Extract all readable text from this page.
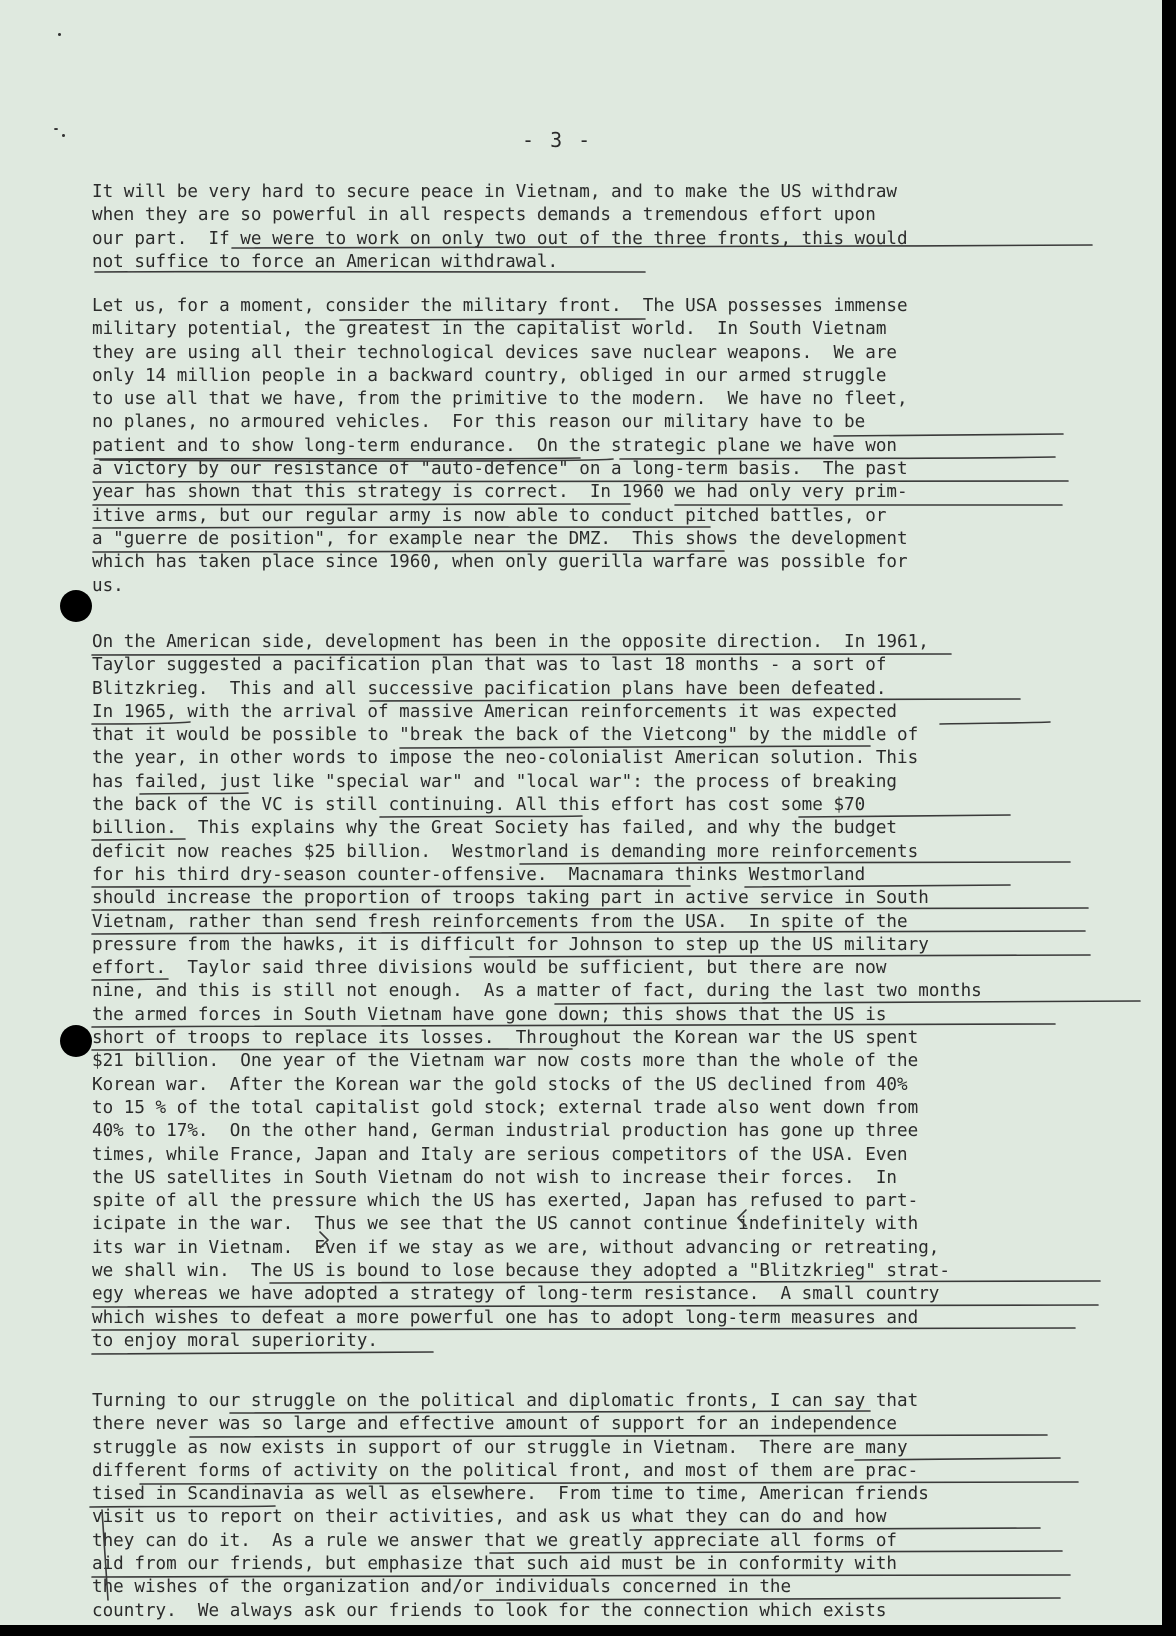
- 3 -
It will be very hard to secure peace in Vietnam, and to make the US withdraw
when they are so powerful in all respects demands a tremendous effort upon
our part.  If we were to work on only two out of the three fronts, this would
not suffice to force an American withdrawal.
Let us, for a moment, consider the military front.  The USA possesses immense
military potential, the greatest in the capitalist world.  In South Vietnam
they are using all their technological devices save nuclear weapons.  We are
only 14 million people in a backward country, obliged in our armed struggle
to use all that we have, from the primitive to the modern.  We have no fleet,
no planes, no armoured vehicles.  For this reason our military have to be
patient and to show long-term endurance.  On the strategic plane we have won
a victory by our resistance of "auto-defence" on a long-term basis.  The past
year has shown that this strategy is correct.  In 1960 we had only very prim-
itive arms, but our regular army is now able to conduct pitched battles, or
a "guerre de position", for example near the DMZ.  This shows the development
which has taken place since 1960, when only guerilla warfare was possible for
us.
On the American side, development has been in the opposite direction.  In 1961,
Taylor suggested a pacification plan that was to last 18 months - a sort of
Blitzkrieg.  This and all successive pacification plans have been defeated.
In 1965, with the arrival of massive American reinforcements it was expected
that it would be possible to "break the back of the Vietcong" by the middle of
the year, in other words to impose the neo-colonialist American solution. This
has failed, just like "special war" and "local war": the process of breaking
the back of the VC is still continuing. All this effort has cost some $70
billion.  This explains why the Great Society has failed, and why the budget
deficit now reaches $25 billion.  Westmorland is demanding more reinforcements
for his third dry-season counter-offensive.  Macnamara thinks Westmorland
should increase the proportion of troops taking part in active service in South
Vietnam, rather than send fresh reinforcements from the USA.  In spite of the
pressure from the hawks, it is difficult for Johnson to step up the US military
effort.  Taylor said three divisions would be sufficient, but there are now
nine, and this is still not enough.  As a matter of fact, during the last two months
the armed forces in South Vietnam have gone down; this shows that the US is
short of troops to replace its losses.  Throughout the Korean war the US spent
$21 billion.  One year of the Vietnam war now costs more than the whole of the
Korean war.  After the Korean war the gold stocks of the US declined from 40%
to 15 % of the total capitalist gold stock; external trade also went down from
40% to 17%.  On the other hand, German industrial production has gone up three
times, while France, Japan and Italy are serious competitors of the USA. Even
the US satellites in South Vietnam do not wish to increase their forces.  In
spite of all the pressure which the US has exerted, Japan has refused to part-
icipate in the war.  Thus we see that the US cannot continue indefinitely with
its war in Vietnam.  Even if we stay as we are, without advancing or retreating,
we shall win.  The US is bound to lose because they adopted a "Blitzkrieg" strat-
egy whereas we have adopted a strategy of long-term resistance.  A small country
which wishes to defeat a more powerful one has to adopt long-term measures and
to enjoy moral superiority.
Turning to our struggle on the political and diplomatic fronts, I can say that
there never was so large and effective amount of support for an independence
struggle as now exists in support of our struggle in Vietnam.  There are many
different forms of activity on the political front, and most of them are prac-
tised in Scandinavia as well as elsewhere.  From time to time, American friends
visit us to report on their activities, and ask us what they can do and how
they can do it.  As a rule we answer that we greatly appreciate all forms of
aid from our friends, but emphasize that such aid must be in conformity with
the wishes of the organization and/or individuals concerned in the
country.  We always ask our friends to look for the connection which exists
